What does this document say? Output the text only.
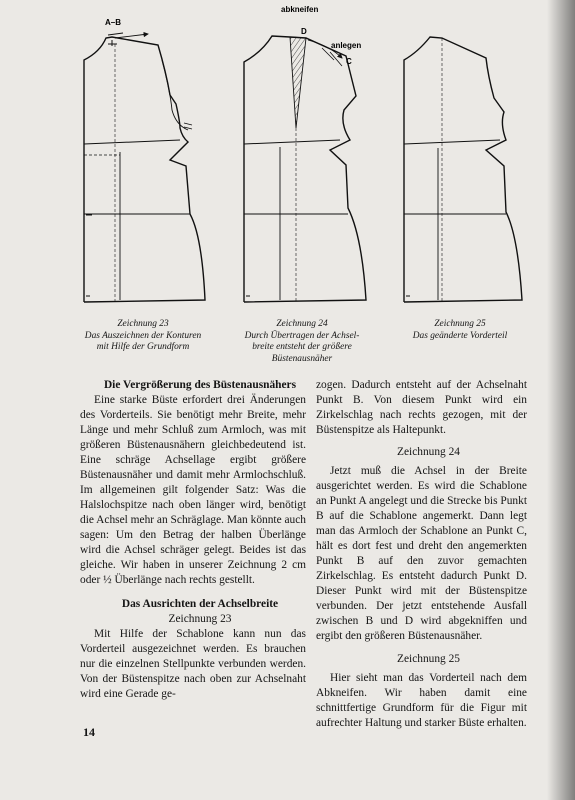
A–B
abkneifen
D
anlegen
C
Zeichnung 23
Das Auszeichnen der Konturen
mit Hilfe der Grundform
Zeichnung 24
Durch Übertragen der Achsel-
breite entsteht der größere
Büstenausnäher
Zeichnung 25
Das geänderte Vorderteil

Die Vergrößerung des Büstenausnähers

Eine starke Büste erfordert drei Änderungen des Vorderteils. Sie benötigt mehr Breite, mehr Länge und mehr Schluß zum Armloch, was mit größeren Büstenausnähern gleichbedeutend ist. Eine schräge Achsellage ergibt größere Büstenausnäher und damit mehr Armlochschluß. Im allgemeinen gilt folgender Satz: Was die Halslochspitze nach oben länger wird, benötigt die Achsel mehr an Schräglage. Man könnte auch sagen: Um den Betrag der halben Überlänge wird die Achsel schräger gelegt. Beides ist das gleiche. Wir haben in unserer Zeichnung 2 cm oder ½ Überlänge nach rechts gestellt.

Das Ausrichten der Achselbreite

Zeichnung 23

Mit Hilfe der Schablone kann nun das Vorderteil ausgezeichnet werden. Es brauchen nur die einzelnen Stellpunkte verbunden werden. Von der Büstenspitze nach oben zur Achselnaht wird eine Gerade ge-

zogen. Dadurch entsteht auf der Achselnaht Punkt B. Von diesem Punkt wird ein Zirkelschlag nach rechts gezogen, mit der Büstenspitze als Haltepunkt.

Zeichnung 24

Jetzt muß die Achsel in der Breite ausgerichtet werden. Es wird die Schablone an Punkt A angelegt und die Strecke bis Punkt B auf die Schablone angemerkt. Dann legt man das Armloch der Schablone an Punkt C, hält es dort fest und dreht den angemerkten Punkt B auf den zuvor gemachten Zirkelschlag. Es entsteht dadurch Punkt D. Dieser Punkt wird mit der Büstenspitze verbunden. Der jetzt entstehende Ausfall zwischen B und D wird abgekniffen und ergibt den größeren Büstenausnäher.

Zeichnung 25

Hier sieht man das Vorderteil nach dem Abkneifen. Wir haben damit eine schnittfertige Grundform für die Figur mit aufrechter Haltung und starker Büste erhalten.

14
